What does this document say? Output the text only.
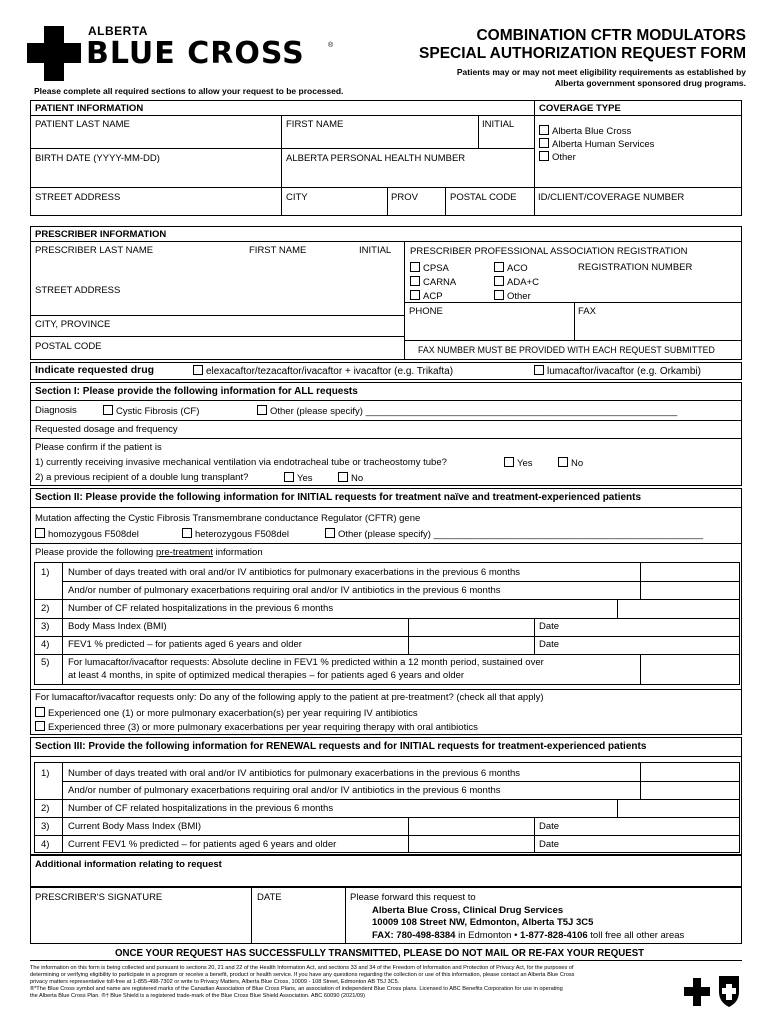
ALBERTA
BLUE CROSS	®
COMBINATION CFTR MODULATORS
SPECIAL AUTHORIZATION REQUEST FORM
Patients may or may not meet eligibility requirements as established by
Alberta government sponsored drug programs.
Please complete all required sections to allow your request to be processed.
PATIENT INFORMATION
PATIENT LAST NAME	FIRST NAME	INITIAL
BIRTH DATE (YYYY-MM-DD)	ALBERTA PERSONAL HEALTH NUMBER
STREET ADDRESS	CITY	PROV	POSTAL CODE
COVERAGE TYPE
Alberta Blue Cross
Alberta Human Services
Other
ID/CLIENT/COVERAGE NUMBER
PRESCRIBER INFORMATION
PRESCRIBER LAST NAME	FIRST NAME	INITIAL
STREET ADDRESS
CITY, PROVINCE
POSTAL CODE
PRESCRIBER PROFESSIONAL ASSOCIATION REGISTRATION
CPSA
CARNA
ACP
ACO
ADA+C
Other
REGISTRATION NUMBER
PHONE	FAX
FAX NUMBER MUST BE PROVIDED WITH EACH REQUEST SUBMITTED
Indicate requested drug	elexacaftor/tezacaftor/ivacaftor + ivacaftor (e.g. Trikafta)	lumacaftor/ivacaftor (e.g. Orkambi)
Section I: Please provide the following information for ALL requests
Diagnosis	Cystic Fibrosis (CF)	Other (please specify) ___________________________________________________________
Requested dosage and frequency
Please confirm if the patient is
1) currently receiving invasive mechanical ventilation via endotracheal tube or tracheostomy tube?	Yes	No
2) a previous recipient of a double lung transplant?	Yes	No
Section II: Please provide the following information for INITIAL requests for treatment naïve and treatment-experienced patients
Mutation affecting the Cystic Fibrosis Transmembrane conductance Regulator (CFTR) gene
homozygous F508del	heterozygous F508del	Other (please specify) ___________________________________________________
Please provide the following pre-treatment information
1) Number of days treated with oral and/or IV antibiotics for pulmonary exacerbations in the previous 6 months
And/or number of pulmonary exacerbations requiring oral and/or IV antibiotics in the previous 6 months
2) Number of CF related hospitalizations in the previous 6 months
3) Body Mass Index (BMI)	Date
4) FEV1 % predicted – for patients aged 6 years and older	Date
5) For lumacaftor/ivacaftor requests: Absolute decline in FEV1 % predicted within a 12 month period, sustained over
at least 4 months, in spite of optimized medical therapies – for patients aged 6 years and older
For lumacaftor/ivacaftor requests only: Do any of the following apply to the patient at pre-treatment? (check all that apply)
Experienced one (1) or more pulmonary exacerbation(s) per year requiring IV antibiotics
Experienced three (3) or more pulmonary exacerbations per year requiring therapy with oral antibiotics
Section III: Provide the following information for RENEWAL requests and for INITIAL requests for treatment-experienced patients
1) Number of days treated with oral and/or IV antibiotics for pulmonary exacerbations in the previous 6 months
And/or number of pulmonary exacerbations requiring oral and/or IV antibiotics in the previous 6 months
2) Number of CF related hospitalizations in the previous 6 months
3) Current Body Mass Index (BMI)	Date
4) Current FEV1 % predicted – for patients aged 6 years and older	Date
Additional information relating to request
PRESCRIBER'S SIGNATURE	DATE	Please forward this request to
Alberta Blue Cross, Clinical Drug Services
10009 108 Street NW, Edmonton, Alberta T5J 3C5
FAX: 780-498-8384 in Edmonton • 1-877-828-4106 toll free all other areas
ONCE YOUR REQUEST HAS SUCCESSFULLY TRANSMITTED, PLEASE DO NOT MAIL OR RE-FAX YOUR REQUEST
The information on this form is being collected and pursuant to sections 20, 21 and 22 of the Health Information Act, and sections 33 and 34 of the Freedom of Information and Protection of Privacy Act, for the purposes of
determining or verifying eligibility to participate in a program or receive a benefit, product or health service. If you have any questions regarding the collection or use of this information, please contact an Alberta Blue Cross
privacy matters representative toll-free at 1-855-498-7302 or write to Privacy Matters, Alberta Blue Cross, 10009 - 108 Street, Edmonton AB T5J 3C5.
®*The Blue Cross symbol and name are registered marks of the Canadian Association of Blue Cross Plans, an association of independent Blue Cross plans. Licensed to ABC Benefits Corporation for use in operating
the Alberta Blue Cross Plan. ®† Blue Shield is a registered trade-mark of the Blue Cross Blue Shield Association. ABC 60090 (2021/09)
